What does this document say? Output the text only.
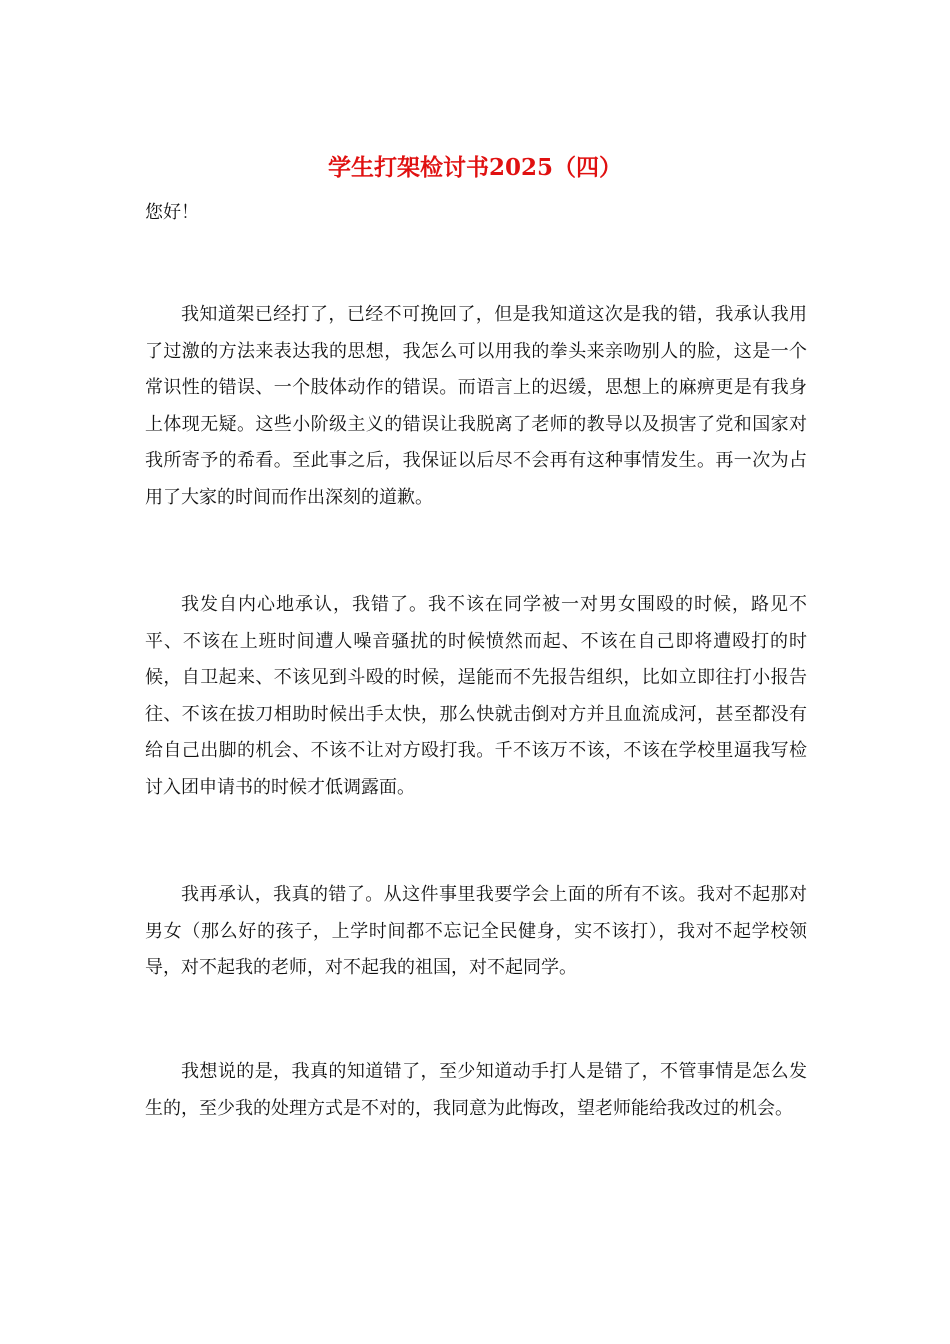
学生打架检讨书2025（四）

您好！

我知道架已经打了，已经不可挽回了，但是我知道这次是我的错，我承认我用了过激的方法来表达我的思想，我怎么可以用我的拳头来亲吻别人的脸，这是一个常识性的错误、一个肢体动作的错误。而语言上的迟缓，思想上的麻痹更是有我身上体现无疑。这些小阶级主义的错误让我脱离了老师的教导以及损害了党和国家对我所寄予的希看。至此事之后，我保证以后尽不会再有这种事情发生。再一次为占用了大家的时间而作出深刻的道歉。

我发自内心地承认，我错了。我不该在同学被一对男女围殴的时候，路见不平、不该在上班时间遭人噪音骚扰的时候愤然而起、不该在自己即将遭殴打的时候，自卫起来、不该见到斗殴的时候，逞能而不先报告组织，比如立即往打小报告往、不该在拔刀相助时候出手太快，那么快就击倒对方并且血流成河，甚至都没有给自己出脚的机会、不该不让对方殴打我。千不该万不该，不该在学校里逼我写检讨入团申请书的时候才低调露面。

我再承认，我真的错了。从这件事里我要学会上面的所有不该。我对不起那对男女（那么好的孩子，上学时间都不忘记全民健身，实不该打），我对不起学校领导，对不起我的老师，对不起我的祖国，对不起同学。

我想说的是，我真的知道错了，至少知道动手打人是错了，不管事情是怎么发生的，至少我的处理方式是不对的，我同意为此悔改，望老师能给我改过的机会。
